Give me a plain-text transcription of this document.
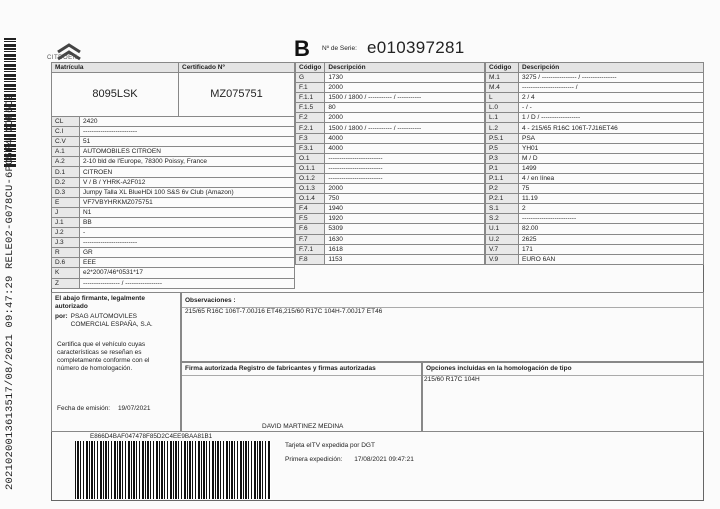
2021020013613517/08/2021 09:47:29 RELE02-G078CU-6PO5F4-COF6C9
CITROËN	B Nº de Serie: e010397281
Matrícula		Certificado Nº
8095LSK		MZ075751
CL	2420	
C.I	-------------------------	
C.V	51	
A.1	AUTOMOBILES CITROEN	
A.2	2-10 bld de l'Europe, 78300 Poissy, France	
D.1	CITROEN	
D.2	V / B / YHRK-A2F012	
D.3	Jumpy Talla XL BlueHDi 100 S&S 6v Club (Amazon)	
E	VF7VBYHRKMZ075751	
J	N1	
J.1	BB	
J.2	-	
J.3	-------------------------	
R	GR	
D.6	EEE	
K	e2*2007/46*0531*17	
Z	----------------- / -----------------	
Código	Descripción
G	1730
F.1	2000
F.1.1	1500 / 1800 / ----------- / -----------
F.1.5	80
F.2	2000
F.2.1	1500 / 1800 / ----------- / -----------
F.3	4000
F.3.1	4000
O.1	-------------------------
O.1.1	-------------------------
O.1.2	-------------------------
O.1.3	2000
O.1.4	750
F.4	1940
F.5	1920
F.6	5309
F.7	1630
F.7.1	1618
F.8	1153
Código	Descripción
M.1	3275 / ---------------- / ----------------
M.4	------------------------ /
L	2 / 4
L.0	- / -
L.1	1 / D / ------------------
L.2	4 - 215/65 R16C 106T-7J16ET46
P.5.1	PSA
P.5	YH01
P.3	M / D
P.1	1499
P.1.1	4 / en línea
P.2	75
P.2.1	11.19
S.1	2
S.2	-------------------------
U.1	82.00
U.2	2625
V.7	171
V.9	EURO 6AN
El abajo firmante, legalmente autorizado
por: PSAG AUTOMOVILES COMERCIAL ESPAÑA, S.A.
Certifica que el vehículo cuyas características se reseñan es completamente conforme con el número de homologación.
Fecha de emisión: 19/07/2021
Observaciones :
215/65 R16C 106T-7.00J16 ET46,215/60 R17C 104H-7.00J17 ET46
Firma autorizada Registro de fabricantes y firmas autorizadas
DAVID MARTINEZ MEDINA
Opciones incluidas en la homologación de tipo
215/60 R17C 104H
E866D4BAF047478F85D2C4EE9BAA81B1
Tarjeta eITV expedida por DGT
Primera expedición: 17/08/2021 09:47:21
